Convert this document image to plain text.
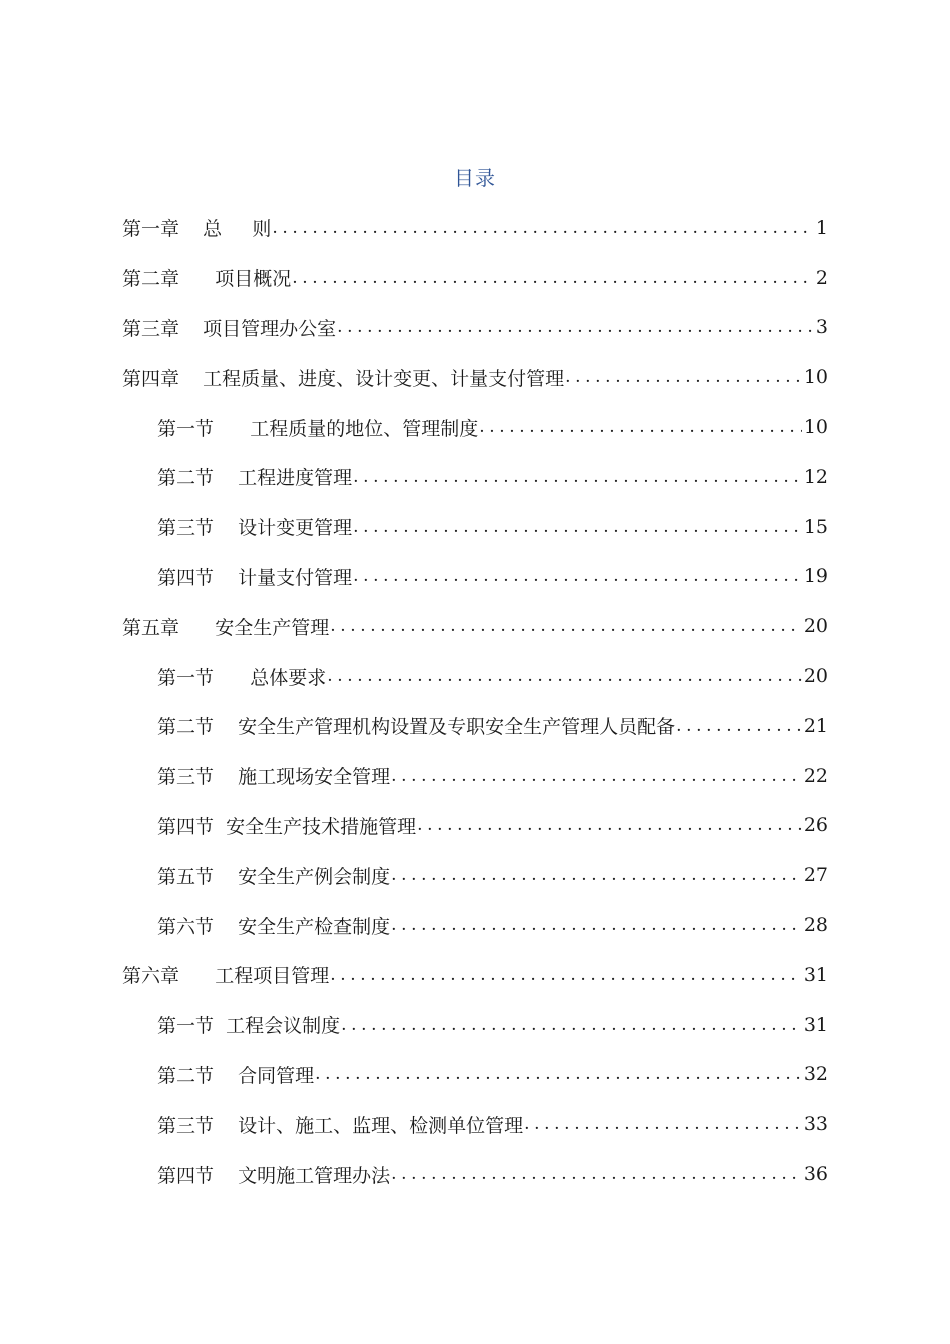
目录
第一章    总     则 .....	1
第二章      项目概况 .....	2
第三章    项目管理办公室 .....	3
第四章    工程质量、进度、设计变更、计量支付管理 .....	10
第一节      工程质量的地位、管理制度 .....	10
第二节    工程进度管理 .....	12
第三节    设计变更管理 .....	15
第四节    计量支付管理 .....	19
第五章      安全生产管理 .....	20
第一节      总体要求 .....	20
第二节    安全生产管理机构设置及专职安全生产管理人员配备 .....	21
第三节    施工现场安全管理 .....	22
第四节  安全生产技术措施管理 .....	26
第五节    安全生产例会制度 .....	27
第六节    安全生产检查制度 .....	28
第六章      工程项目管理 .....	31
第一节  工程会议制度 .....	31
第二节    合同管理 .....	32
第三节    设计、施工、监理、检测单位管理 .....	33
第四节    文明施工管理办法 .....	36
